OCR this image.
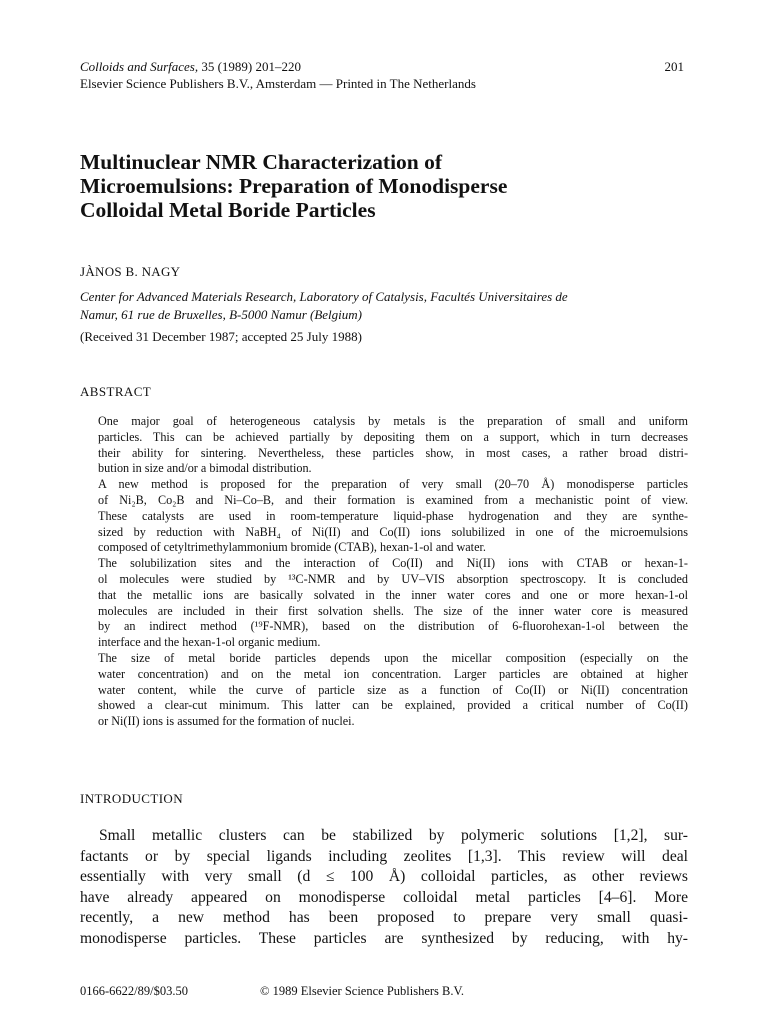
Colloids and Surfaces, 35 (1989) 201–220
Elsevier Science Publishers B.V., Amsterdam — Printed in The Netherlands
201
Multinuclear NMR Characterization of
Microemulsions: Preparation of Monodisperse
Colloidal Metal Boride Particles
JÀNOS B. NAGY
Center for Advanced Materials Research, Laboratory of Catalysis, Facultés Universitaires de
Namur, 61 rue de Bruxelles, B-5000 Namur (Belgium)
(Received 31 December 1987; accepted 25 July 1988)
ABSTRACT

One major goal of heterogeneous catalysis by metals is the preparation of small and uniform
particles. This can be achieved partially by depositing them on a support, which in turn decreases
their ability for sintering. Nevertheless, these particles show, in most cases, a rather broad distri-
bution in size and/or a bimodal distribution.

A new method is proposed for the preparation of very small (20–70 Å) monodisperse particles
of Ni₂B, Co₂B and Ni–Co–B, and their formation is examined from a mechanistic point of view.
These catalysts are used in room-temperature liquid-phase hydrogenation and they are synthe-
sized by reduction with NaBH₄ of Ni(II) and Co(II) ions solubilized in one of the microemulsions
composed of cetyltrimethylammonium bromide (CTAB), hexan-1-ol and water.

The solubilization sites and the interaction of Co(II) and Ni(II) ions with CTAB or hexan-1-
ol molecules were studied by ¹³C-NMR and by UV–VIS absorption spectroscopy. It is concluded
that the metallic ions are basically solvated in the inner water cores and one or more hexan-1-ol
molecules are included in their first solvation shells. The size of the inner water core is measured
by an indirect method (¹⁹F-NMR), based on the distribution of 6-fluorohexan-1-ol between the
interface and the hexan-1-ol organic medium.

The size of metal boride particles depends upon the micellar composition (especially on the
water concentration) and on the metal ion concentration. Larger particles are obtained at higher
water content, while the curve of particle size as a function of Co(II) or Ni(II) concentration
showed a clear-cut minimum. This latter can be explained, provided a critical number of Co(II)
or Ni(II) ions is assumed for the formation of nuclei.

INTRODUCTION
Small metallic clusters can be stabilized by polymeric solutions [1,2], sur-
factants or by special ligands including zeolites [1,3]. This review will deal
essentially with very small (d ≤ 100 Å) colloidal particles, as other reviews
have already appeared on monodisperse colloidal metal particles [4–6]. More
recently, a new method has been proposed to prepare very small quasi-
monodisperse particles. These particles are synthesized by reducing, with hy-
0166-6622/89/$03.50	© 1989 Elsevier Science Publishers B.V.
